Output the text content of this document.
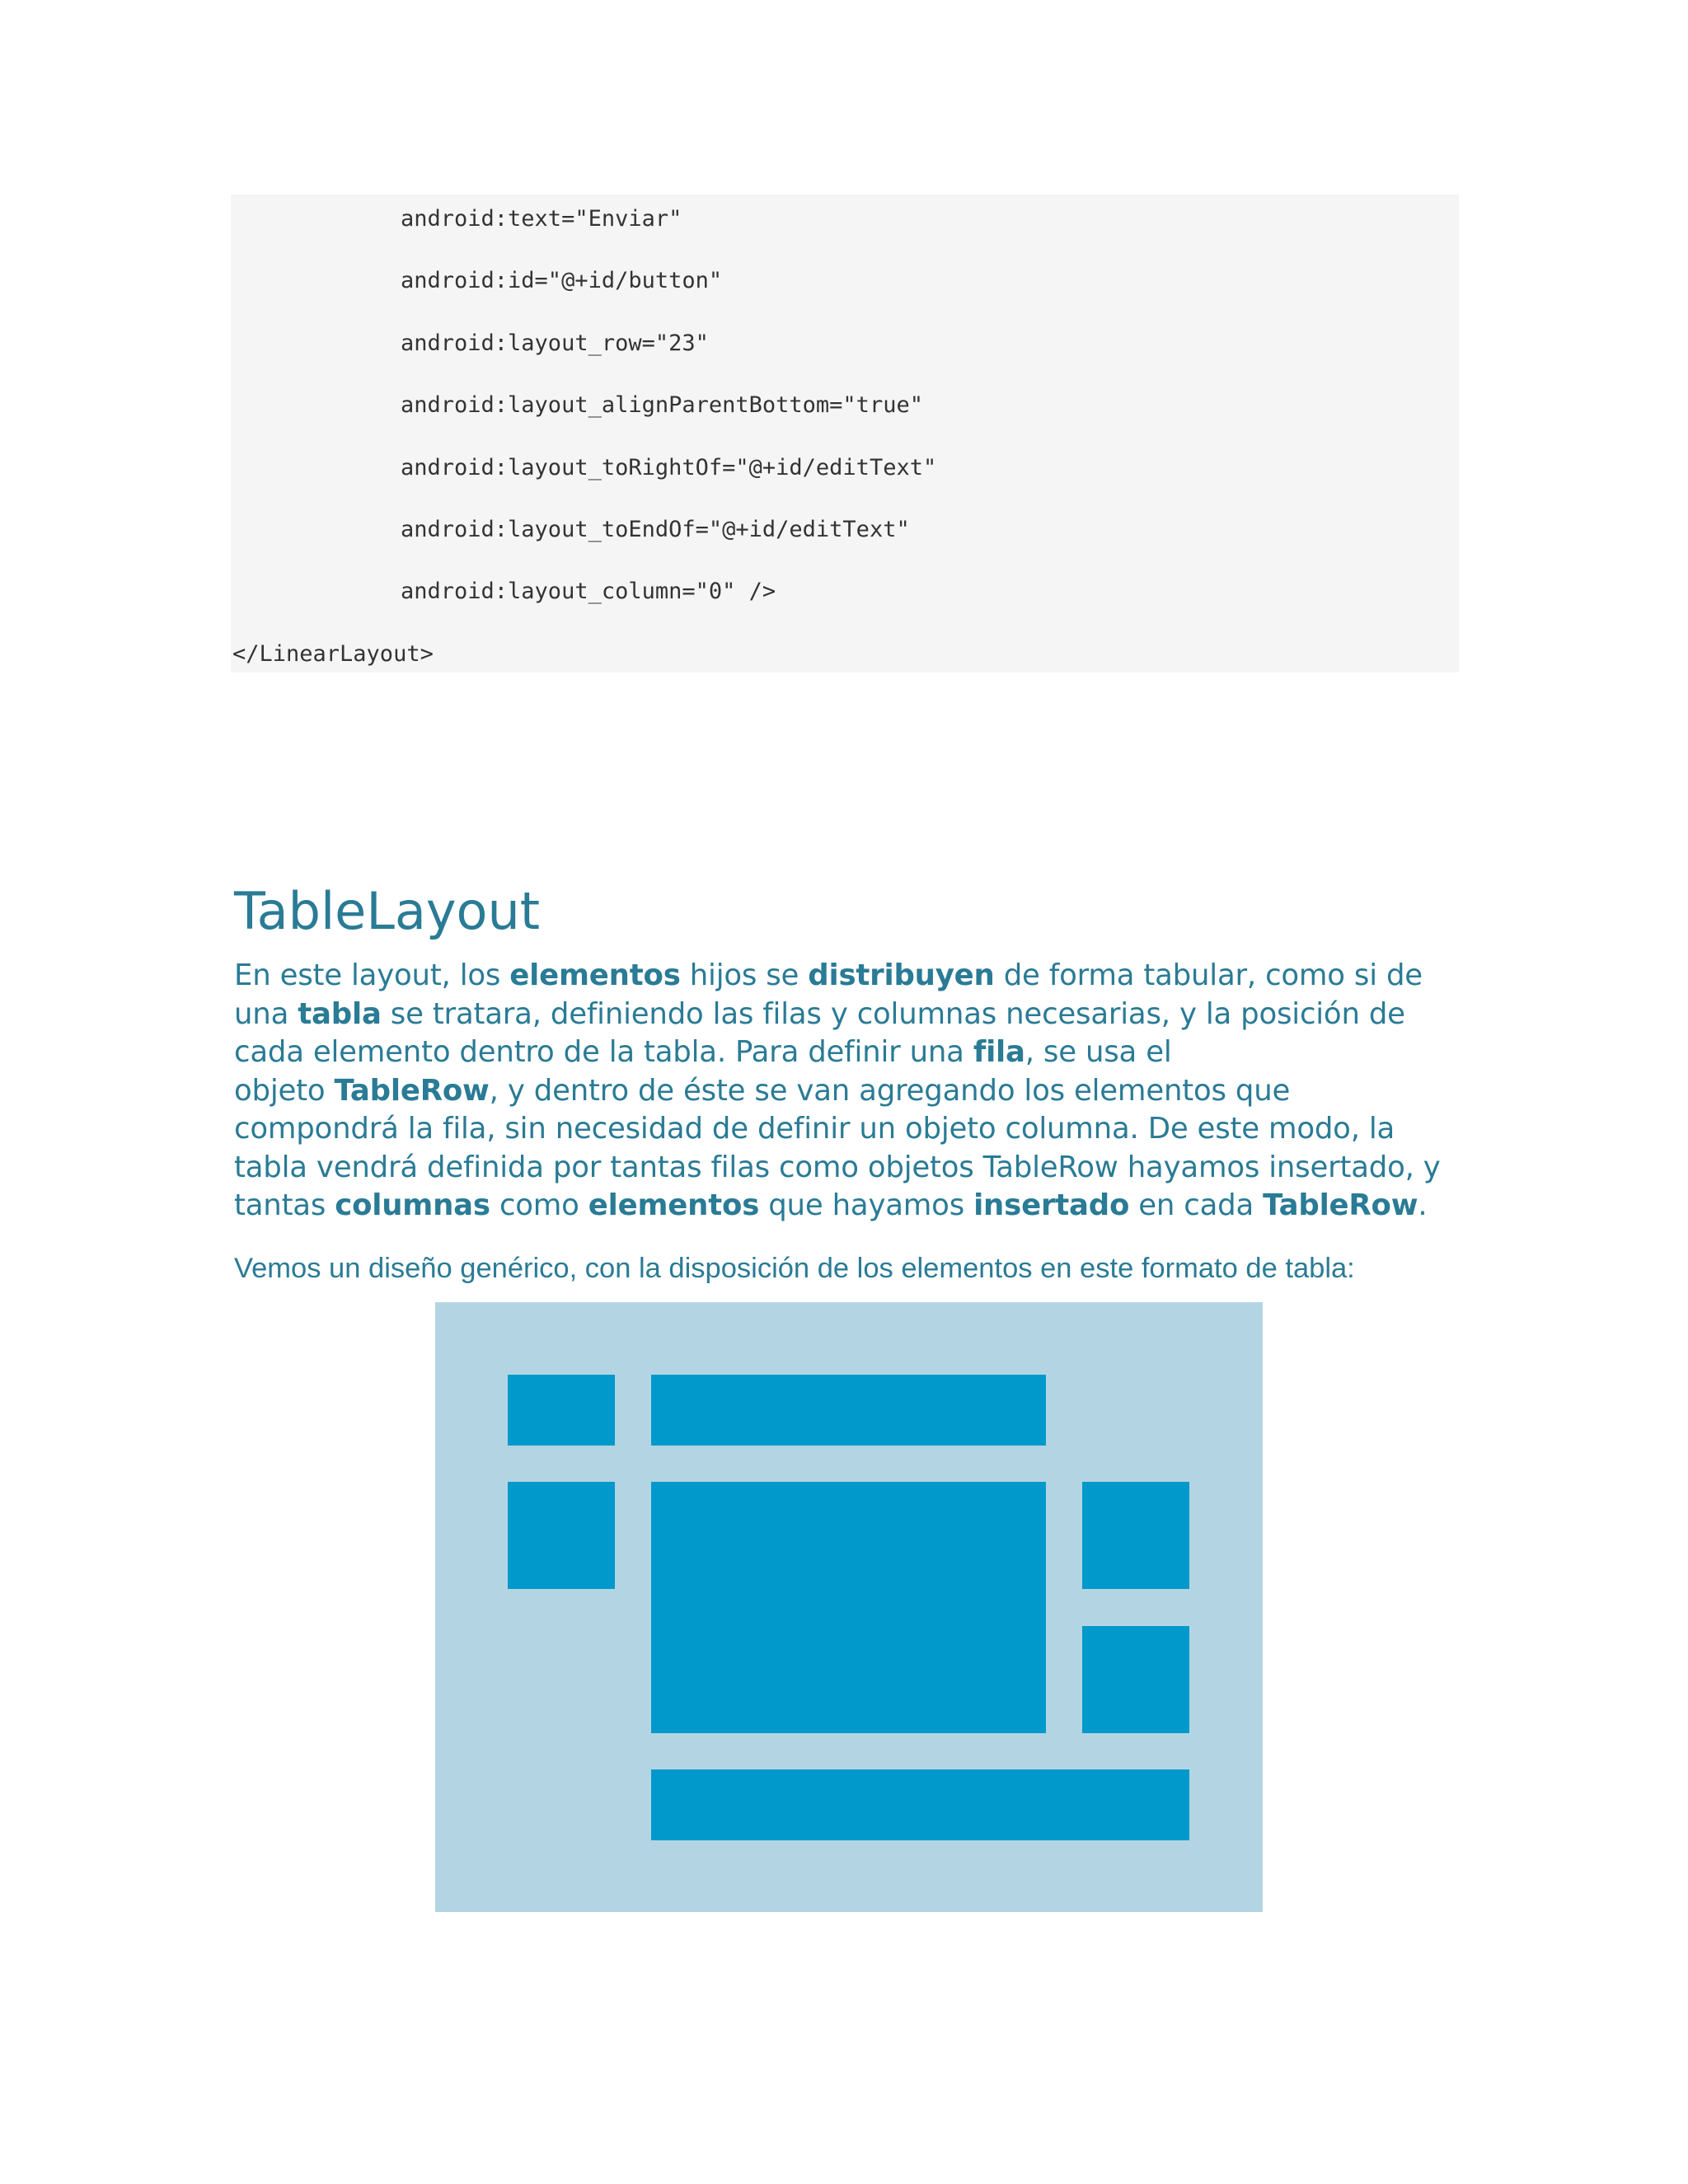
android:text="Enviar"
android:id="@+id/button"
android:layout_row="23"
android:layout_alignParentBottom="true"
android:layout_toRightOf="@+id/editText"
android:layout_toEndOf="@+id/editText"
android:layout_column="0" />
</LinearLayout>
TableLayout

En este layout, los elementos hijos se distribuyen de forma tabular, como si de
una tabla se tratara, definiendo las filas y columnas necesarias, y la posición de
cada elemento dentro de la tabla. Para definir una fila, se usa el
objeto TableRow, y dentro de éste se van agregando los elementos que
compondrá la fila, sin necesidad de definir un objeto columna. De este modo, la
tabla vendrá definida por tantas filas como objetos TableRow hayamos insertado, y
tantas columnas como elementos que hayamos insertado en cada TableRow.

Vemos un diseño genérico, con la disposición de los elementos en este formato de tabla:
